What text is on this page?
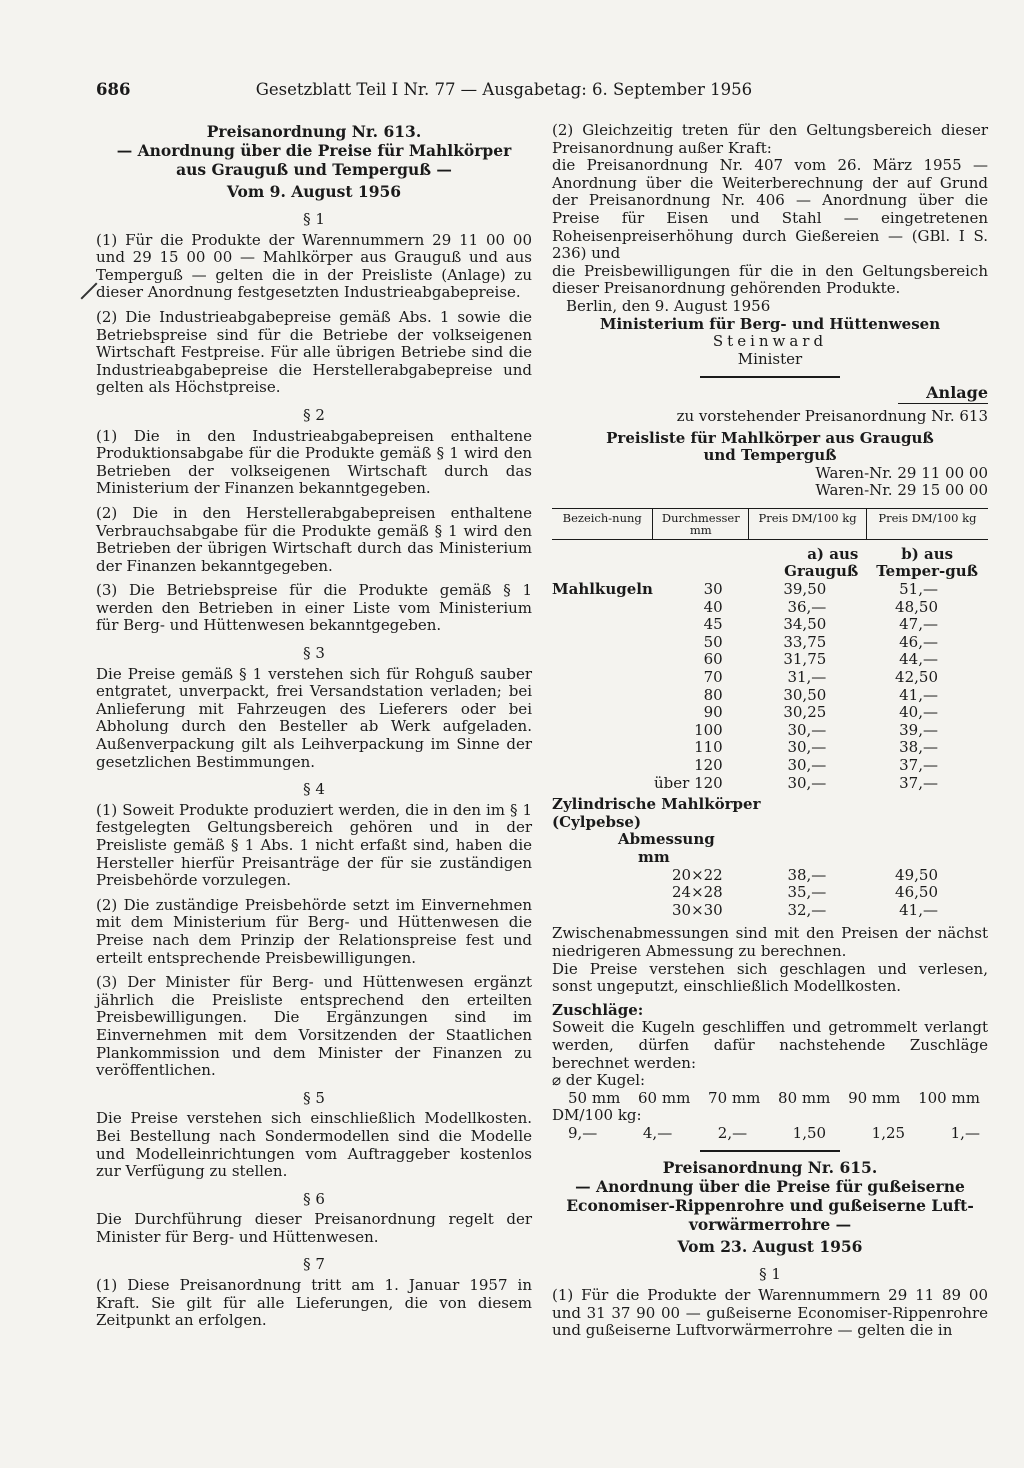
686	Gesetzblatt Teil I Nr. 77 — Ausgabetag: 6. September 1956
Preisanordnung Nr. 613.
— Anordnung über die Preise für Mahlkörper
aus Grauguß und Temperguß —
Vom 9. August 1956
§ 1

(1) Für die Produkte der Warennummern 29 11 00 00 und 29 15 00 00 — Mahlkörper aus Grauguß und aus Temperguß — gelten die in der Preisliste (Anlage) zu dieser Anordnung festgesetzten Industrieabgabepreise.

(2) Die Industrieabgabepreise gemäß Abs. 1 sowie die Betriebspreise sind für die Betriebe der volkseigenen Wirtschaft Festpreise. Für alle übrigen Betriebe sind die Industrieabgabepreise die Herstellerabgabepreise und gelten als Höchstpreise.

§ 2

(1) Die in den Industrieabgabepreisen enthaltene Produktionsabgabe für die Produkte gemäß § 1 wird den Betrieben der volkseigenen Wirtschaft durch das Ministerium der Finanzen bekanntgegeben.

(2) Die in den Herstellerabgabepreisen enthaltene Verbrauchsabgabe für die Produkte gemäß § 1 wird den Betrieben der übrigen Wirtschaft durch das Ministerium der Finanzen bekanntgegeben.

(3) Die Betriebspreise für die Produkte gemäß § 1 werden den Betrieben in einer Liste vom Ministerium für Berg- und Hüttenwesen bekanntgegeben.

§ 3

Die Preise gemäß § 1 verstehen sich für Rohguß sauber entgratet, unverpackt, frei Versandstation verladen; bei Anlieferung mit Fahrzeugen des Lieferers oder bei Abholung durch den Besteller ab Werk aufgeladen. Außenverpackung gilt als Leihverpackung im Sinne der gesetzlichen Bestimmungen.

§ 4

(1) Soweit Produkte produziert werden, die in den im § 1 festgelegten Geltungsbereich gehören und in der Preisliste gemäß § 1 Abs. 1 nicht erfaßt sind, haben die Hersteller hierfür Preisanträge der für sie zuständigen Preisbehörde vorzulegen.

(2) Die zuständige Preisbehörde setzt im Einvernehmen mit dem Ministerium für Berg- und Hüttenwesen die Preise nach dem Prinzip der Relationspreise fest und erteilt entsprechende Preisbewilligungen.

(3) Der Minister für Berg- und Hüttenwesen ergänzt jährlich die Preisliste entsprechend den erteilten Preisbewilligungen. Die Ergänzungen sind im Einvernehmen mit dem Vorsitzenden der Staatlichen Plankommission und dem Minister der Finanzen zu veröffentlichen.

§ 5

Die Preise verstehen sich einschließlich Modellkosten. Bei Bestellung nach Sondermodellen sind die Modelle und Modelleinrichtungen vom Auftraggeber kostenlos zur Verfügung zu stellen.

§ 6

Die Durchführung dieser Preisanordnung regelt der Minister für Berg- und Hüttenwesen.

§ 7

(1) Diese Preisanordnung tritt am 1. Januar 1957 in Kraft. Sie gilt für alle Lieferungen, die von diesem Zeitpunkt an erfolgen.

(2) Gleichzeitig treten für den Geltungsbereich dieser Preisanordnung außer Kraft:

die Preisanordnung Nr. 407 vom 26. März 1955 — Anordnung über die Weiterberechnung der auf Grund der Preisanordnung Nr. 406 — Anordnung über die Preise für Eisen und Stahl — eingetretenen Roheisenpreiserhöhung durch Gießereien — (GBl. I S. 236) und

die Preisbewilligungen für die in den Geltungsbereich dieser Preisanordnung gehörenden Produkte.

Berlin, den 9. August 1956

Ministerium für Berg- und Hüttenwesen
Steinward
Minister
Anlage
zu vorstehender Preisanordnung Nr. 613
Preisliste für Mahlkörper aus Grauguß
und Temperguß
Waren-Nr. 29 11 00 00
Waren-Nr. 29 15 00 00
Bezeich-nung	Durchmesser mm	Preis DM/100 kg	Preis DM/100 kg
		a) aus Grauguß	b) aus Temper-guß
Mahlkugeln	30	39,50	51,—
	40	36,—	48,50
	45	34,50	47,—
	50	33,75	46,—
	60	31,75	44,—
	70	31,—	42,50
	80	30,50	41,—
	90	30,25	40,—
	100	30,—	39,—
	110	30,—	38,—
	120	30,—	37,—
	über 120	30,—	37,—
Zylindrische Mahlkörper
(Cylpebse)			
Abmessung
mm			
	20×22	38,—	49,50
	24×28	35,—	46,50
	30×30	32,—	41,—

Zwischenabmessungen sind mit den Preisen der nächst niedrigeren Abmessung zu berechnen.

Die Preise verstehen sich geschlagen und verlesen, sonst ungeputzt, einschließlich Modellkosten.

Zuschläge:

Soweit die Kugeln geschliffen und getrommelt verlangt werden, dürfen dafür nachstehende Zuschläge berechnet werden:

⌀ der Kugel:
50 mm 60 mm 70 mm 80 mm 90 mm 100 mm
DM/100 kg:
9,—	4,—	2,—	1,50	1,25	1,—
Preisanordnung Nr. 615.
— Anordnung über die Preise für gußeiserne
Economiser-Rippenrohre und gußeiserne Luft-
vorwärmerrohre —
Vom 23. August 1956
§ 1

(1) Für die Produkte der Warennummern 29 11 89 00 und 31 37 90 00 — gußeiserne Economiser-Rippenrohre und gußeiserne Luftvorwärmerrohre — gelten die in
